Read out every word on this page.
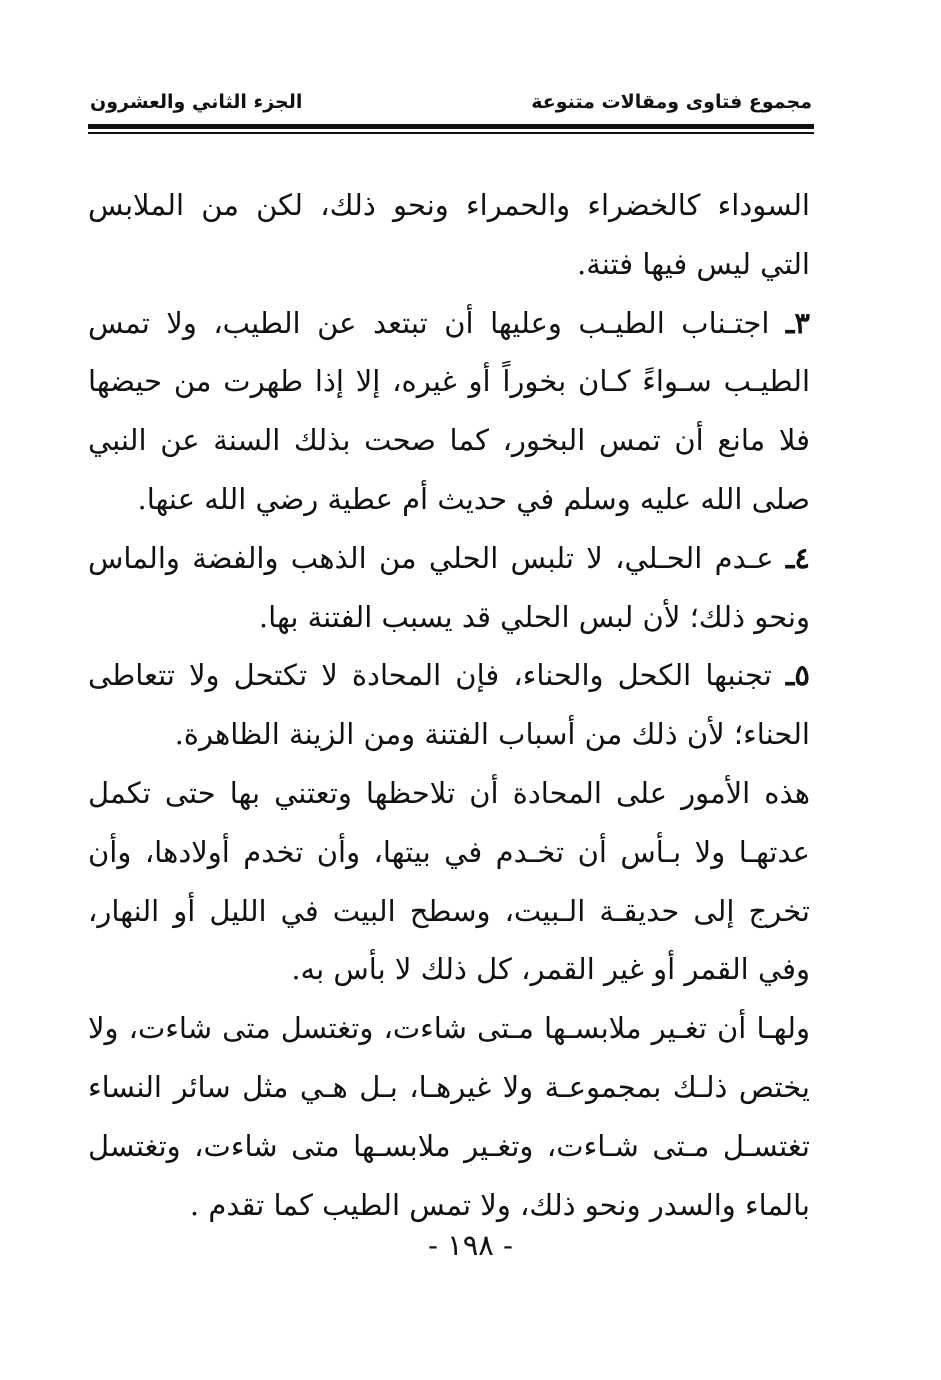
مجموع فتاوى ومقالات متنوعة
الجزء الثاني والعشرون

السوداء كالخضراء والحمراء ونحو ذلك، لكن من الملابس التي ليس فيها فتنة.

٣ـ اجتـناب الطيـب وعليها أن تبتعد عن الطيب، ولا تمس الطيـب سـواءً كـان بخوراً أو غيره، إلا إذا طهرت من حيضها فلا مانع أن تمس البخور، كما صحت بذلك السنة عن النبي صلى الله عليه وسلم في حديث أم عطية رضي الله عنها.

٤ـ عـدم الحـلي، لا تلبس الحلي من الذهب والفضة والماس ونحو ذلك؛ لأن لبس الحلي قد يسبب الفتنة بها.

٥ـ تجنبها الكحل والحناء، فإن المحادة لا تكتحل ولا تتعاطى الحناء؛ لأن ذلك من أسباب الفتنة ومن الزينة الظاهرة.

هذه الأمور على المحادة أن تلاحظها وتعتني بها حتى تكمل عدتهـا ولا بـأس أن تخـدم في بيتها، وأن تخدم أولادها، وأن تخرج إلى حديقـة الـبيت، وسطح البيت في الليل أو النهار، وفي القمر أو غير القمر، كل ذلك لا بأس به.

ولهـا أن تغـير ملابسـها مـتى شاءت، وتغتسل متى شاءت، ولا يختص ذلـك بمجموعـة ولا غيرهـا، بـل هـي مثل سائر النساء تغتسـل مـتى شـاءت، وتغـير ملابسـها متى شاءت، وتغتسل بالماء والسدر ونحو ذلك، ولا تمس الطيب كما تقدم .

- ١٩٨ -
